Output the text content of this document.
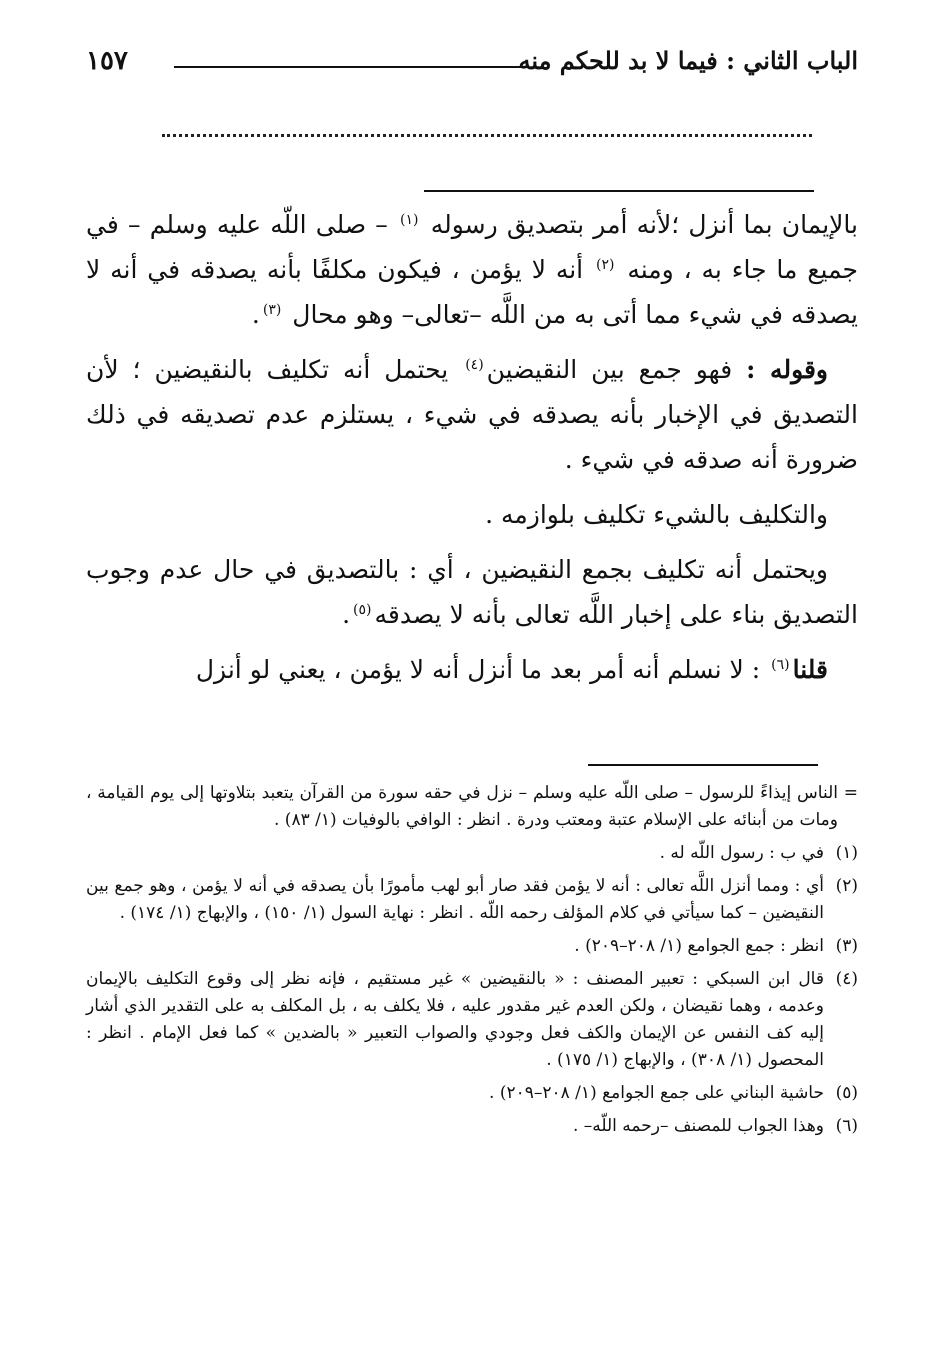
الباب الثاني : فيما لا بد للحكم منه
١٥٧

بالإيمان بما أنزل ؛لأنه أمر بتصديق رسوله $^{(١)}$ – صلى اللّه عليه وسلم – في جميع ما جاء به ، ومنه $^{(٢)}$ أنه لا يؤمن ، فيكون مكلفًا بأنه يصدقه في أنه لا يصدقه في شيء مما أتى به من اللَّه –تعالى– وهو محال $^{(٣)}$.

وقوله : فهو جمع بين النقيضين$^{(٤)}$ يحتمل أنه تكليف بالنقيضين ؛ لأن التصديق في الإخبار بأنه يصدقه في شيء ، يستلزم عدم تصديقه في ذلك ضرورة أنه صدقه في شيء .

والتكليف بالشيء تكليف بلوازمه .

ويحتمل أنه تكليف بجمع النقيضين ، أي : بالتصديق في حال عدم وجوب التصديق بناء على إخبار اللَّه تعالى بأنه لا يصدقه$^{(٥)}$.

قلنا$^{(٦)}$ : لا نسلم أنه أمر بعد ما أنزل أنه لا يؤمن ، يعني لو أنزل

=
الناس إيذاءً للرسول – صلى اللّه عليه وسلم – نزل في حقه سورة من القرآن يتعبد بتلاوتها إلى يوم القيامة ، ومات من أبنائه على الإسلام عتبة ومعتب ودرة . انظر : الوافي بالوفيات (١/ ٨٣) .
(١)
في ب : رسول اللّه له .
(٢)
أي : ومما أنزل اللَّه تعالى : أنه لا يؤمن فقد صار أبو لهب مأمورًا بأن يصدقه في أنه لا يؤمن ، وهو جمع بين النقيضين – كما سيأتي في كلام المؤلف رحمه اللّه . انظر : نهاية السول (١/ ١٥٠) ، والإبهاج (١/ ١٧٤) .
(٣)
انظر : جمع الجوامع (١/ ٢٠٨–٢٠٩) .
(٤)
قال ابن السبكي : تعبير المصنف : « بالنقيضين » غير مستقيم ، فإنه نظر إلى وقوع التكليف بالإيمان وعدمه ، وهما نقيضان ، ولكن العدم غير مقدور عليه ، فلا يكلف به ، بل المكلف به على التقدير الذي أشار إليه كف النفس عن الإيمان والكف فعل وجودي والصواب التعبير « بالضدين » كما فعل الإمام . انظر : المحصول (١/ ٣٠٨) ، والإبهاج (١/ ١٧٥) .
(٥)
حاشية البناني على جمع الجوامع (١/ ٢٠٨–٢٠٩) .
(٦)
وهذا الجواب للمصنف –رحمه اللّه– .
